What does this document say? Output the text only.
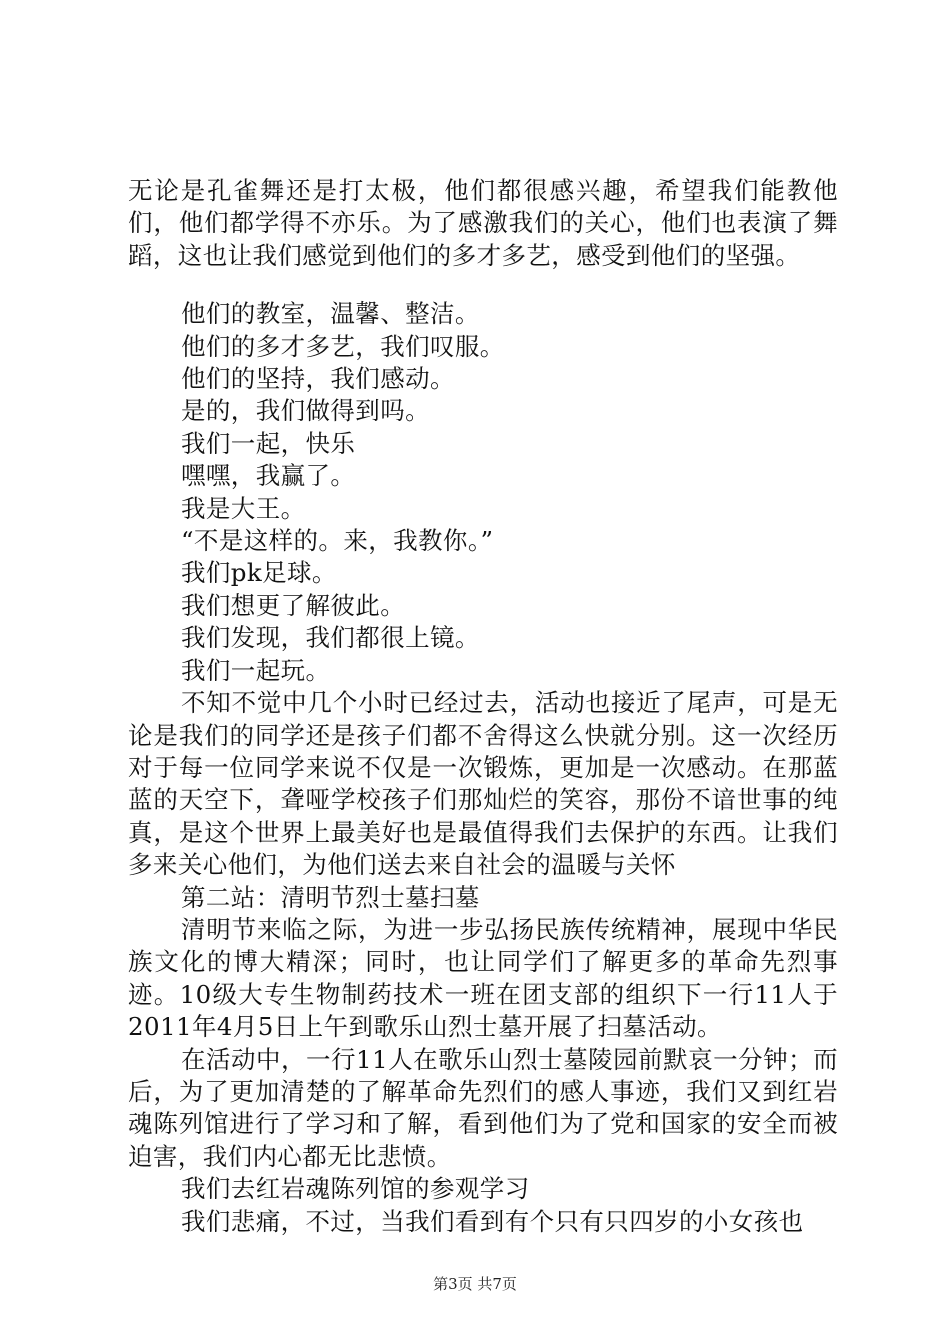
无论是孔雀舞还是打太极，他们都很感兴趣，希望我们能教他们，他们都学得不亦乐。为了感激我们的关心，他们也表演了舞蹈，这也让我们感觉到他们的多才多艺，感受到他们的坚强。

他们的教室，温馨、整洁。

他们的多才多艺，我们叹服。

他们的坚持，我们感动。

是的，我们做得到吗。

我们一起，快乐

嘿嘿，我赢了。

我是大王。

“不是这样的。来，我教你。”

我们pk足球。

我们想更了解彼此。

我们发现，我们都很上镜。

我们一起玩。

不知不觉中几个小时已经过去，活动也接近了尾声，可是无论是我们的同学还是孩子们都不舍得这么快就分别。这一次经历对于每一位同学来说不仅是一次锻炼，更加是一次感动。在那蓝蓝的天空下，聋哑学校孩子们那灿烂的笑容，那份不谙世事的纯真，是这个世界上最美好也是最值得我们去保护的东西。让我们多来关心他们，为他们送去来自社会的温暖与关怀

第二站：清明节烈士墓扫墓

清明节来临之际，为进一步弘扬民族传统精神，展现中华民族文化的博大精深；同时，也让同学们了解更多的革命先烈事迹。10级大专生物制药技术一班在团支部的组织下一行11人于2011年4月5日上午到歌乐山烈士墓开展了扫墓活动。

在活动中，一行11人在歌乐山烈士墓陵园前默哀一分钟；而后，为了更加清楚的了解革命先烈们的感人事迹，我们又到红岩魂陈列馆进行了学习和了解，看到他们为了党和国家的安全而被迫害，我们内心都无比悲愤。

我们去红岩魂陈列馆的参观学习

我们悲痛，不过，当我们看到有个只有只四岁的小女孩也

第3页 共7页
